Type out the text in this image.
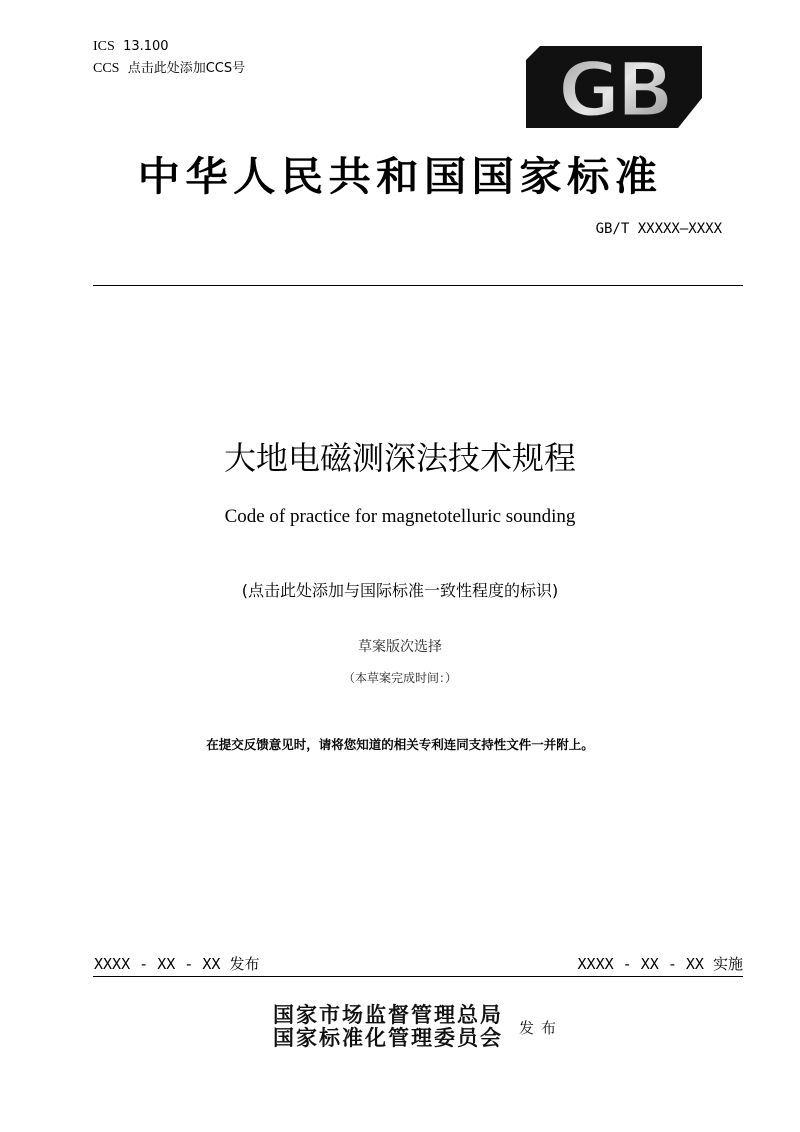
ICS 13.100
CCS 点击此处添加CCS号	GB
中华人民共和国国家标准
GB/T XXXXX—XXXX
大地电磁测深法技术规程
Code of practice for magnetotelluric sounding
(点击此处添加与国际标准一致性程度的标识)
草案版次选择
（本草案完成时间：）
在提交反馈意见时，请将您知道的相关专利连同支持性文件一并附上。
XXXX - XX - XX 发布	XXXX - XX - XX 实施
国家市场监督管理总局
国家标准化管理委员会 发布
